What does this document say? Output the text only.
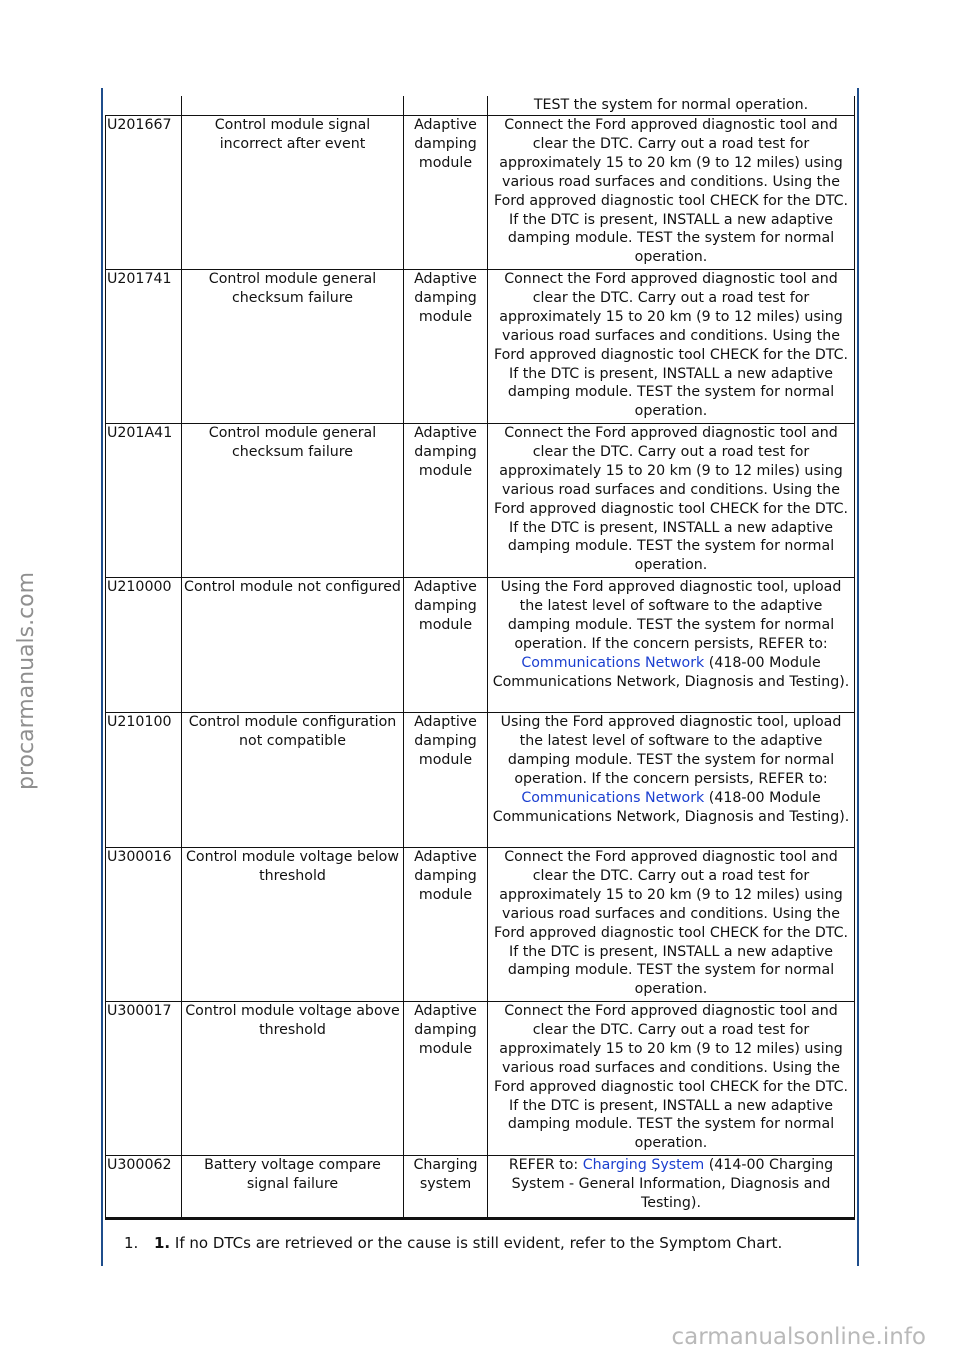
procarmanuals.com
			TEST the system for normal operation.
U201667	Control module signal incorrect after event	Adaptive damping module	Connect the Ford approved diagnostic tool and clear the DTC. Carry out a road test for approximately 15 to 20 km (9 to 12 miles) using various road surfaces and conditions. Using the Ford approved diagnostic tool CHECK for the DTC. If the DTC is present, INSTALL a new adaptive damping module. TEST the system for normal operation.
U201741	Control module general checksum failure	Adaptive damping module	Connect the Ford approved diagnostic tool and clear the DTC. Carry out a road test for approximately 15 to 20 km (9 to 12 miles) using various road surfaces and conditions. Using the Ford approved diagnostic tool CHECK for the DTC. If the DTC is present, INSTALL a new adaptive damping module. TEST the system for normal operation.
U201A41	Control module general checksum failure	Adaptive damping module	Connect the Ford approved diagnostic tool and clear the DTC. Carry out a road test for approximately 15 to 20 km (9 to 12 miles) using various road surfaces and conditions. Using the Ford approved diagnostic tool CHECK for the DTC. If the DTC is present, INSTALL a new adaptive damping module. TEST the system for normal operation.
U210000	Control module not configured	Adaptive damping module	Using the Ford approved diagnostic tool, upload the latest level of software to the adaptive damping module. TEST the system for normal operation. If the concern persists, REFER to: Communications Network (418-00 Module Communications Network, Diagnosis and Testing).
U210100	Control module configuration not compatible	Adaptive damping module	Using the Ford approved diagnostic tool, upload the latest level of software to the adaptive damping module. TEST the system for normal operation. If the concern persists, REFER to: Communications Network (418-00 Module Communications Network, Diagnosis and Testing).
U300016	Control module voltage below threshold	Adaptive damping module	Connect the Ford approved diagnostic tool and clear the DTC. Carry out a road test for approximately 15 to 20 km (9 to 12 miles) using various road surfaces and conditions. Using the Ford approved diagnostic tool CHECK for the DTC. If the DTC is present, INSTALL a new adaptive damping module. TEST the system for normal operation.
U300017	Control module voltage above threshold	Adaptive damping module	Connect the Ford approved diagnostic tool and clear the DTC. Carry out a road test for approximately 15 to 20 km (9 to 12 miles) using various road surfaces and conditions. Using the Ford approved diagnostic tool CHECK for the DTC. If the DTC is present, INSTALL a new adaptive damping module. TEST the system for normal operation.
U300062	Battery voltage compare signal failure	Charging system	REFER to: Charging System (414-00 Charging System - General Information, Diagnosis and Testing).
1. 1. If no DTCs are retrieved or the cause is still evident, refer to the Symptom Chart.
carmanualsonline.info
